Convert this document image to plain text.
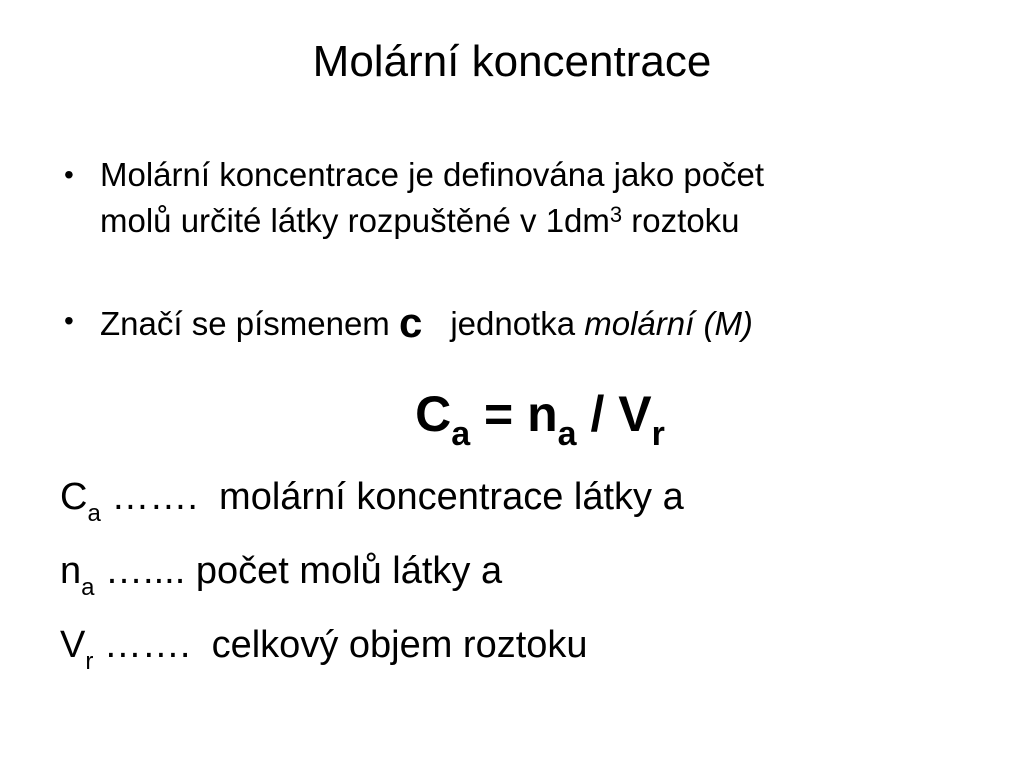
Molární koncentrace
• Molární koncentrace je definována jako počet
molů určité látky rozpuštěné v $1dm^3$ roztoku
• Značí se písmenem c jednotka molární (M)
$C_a = n_a / V_r$
$C_a$ …….  molární koncentrace látky a
$n_a$ ….... počet molů látky a
$V_r$ …….  celkový objem roztoku
